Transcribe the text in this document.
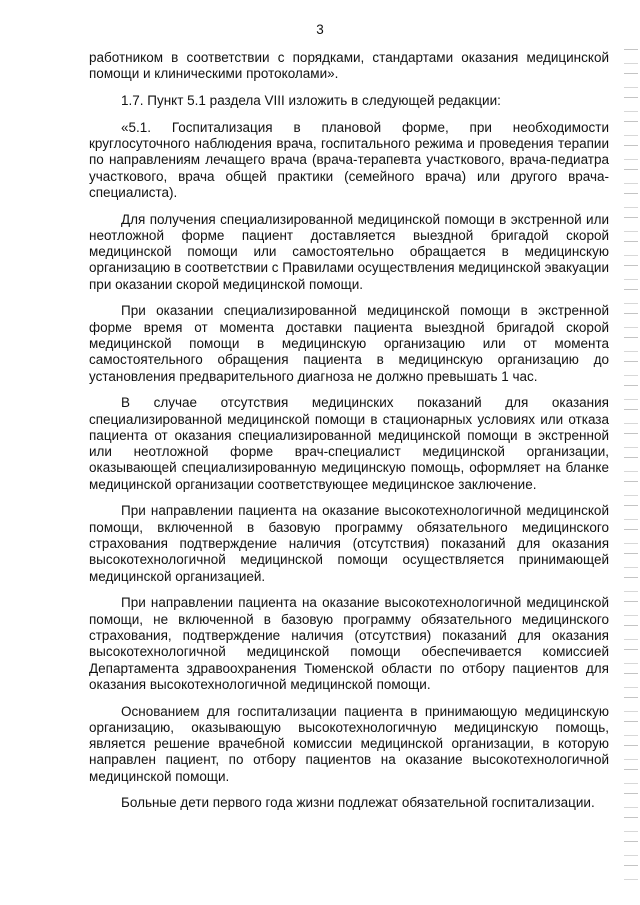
3

работником в соответствии с порядками, стандартами оказания медицинской помощи и клиническими протоколами».

1.7. Пункт 5.1 раздела VIII изложить в следующей редакции:

«5.1. Госпитализация в плановой форме, при необходимости круглосуточного наблюдения врача, госпитального режима и проведения терапии по направлениям лечащего врача (врача-терапевта участкового, врача-педиатра участкового, врача общей практики (семейного врача) или другого врача-специалиста).

Для получения специализированной медицинской помощи в экстренной или неотложной форме пациент доставляется выездной бригадой скорой медицинской помощи или самостоятельно обращается в медицинскую организацию в соответствии с Правилами осуществления медицинской эвакуации при оказании скорой медицинской помощи.

При оказании специализированной медицинской помощи в экстренной форме время от момента доставки пациента выездной бригадой скорой медицинской помощи в медицинскую организацию или от момента самостоятельного обращения пациента в медицинскую организацию до установления предварительного диагноза не должно превышать 1 час.

В случае отсутствия медицинских показаний для оказания специализированной медицинской помощи в стационарных условиях или отказа пациента от оказания специализированной медицинской помощи в экстренной или неотложной форме врач-специалист медицинской организации, оказывающей специализированную медицинскую помощь, оформляет на бланке медицинской организации соответствующее медицинское заключение.

При направлении пациента на оказание высокотехнологичной медицинской помощи, включенной в базовую программу обязательного медицинского страхования подтверждение наличия (отсутствия) показаний для оказания высокотехнологичной медицинской помощи осуществляется принимающей медицинской организацией.

При направлении пациента на оказание высокотехнологичной медицинской помощи, не включенной в базовую программу обязательного медицинского страхования, подтверждение наличия (отсутствия) показаний для оказания высокотехнологичной медицинской помощи обеспечивается комиссией Департамента здравоохранения Тюменской области по отбору пациентов для оказания высокотехнологичной медицинской помощи.

Основанием для госпитализации пациента в принимающую медицинскую организацию, оказывающую высокотехнологичную медицинскую помощь, является решение врачебной комиссии медицинской организации, в которую направлен пациент, по отбору пациентов на оказание высокотехнологичной медицинской помощи.

Больные дети первого года жизни подлежат обязательной госпитализации.
